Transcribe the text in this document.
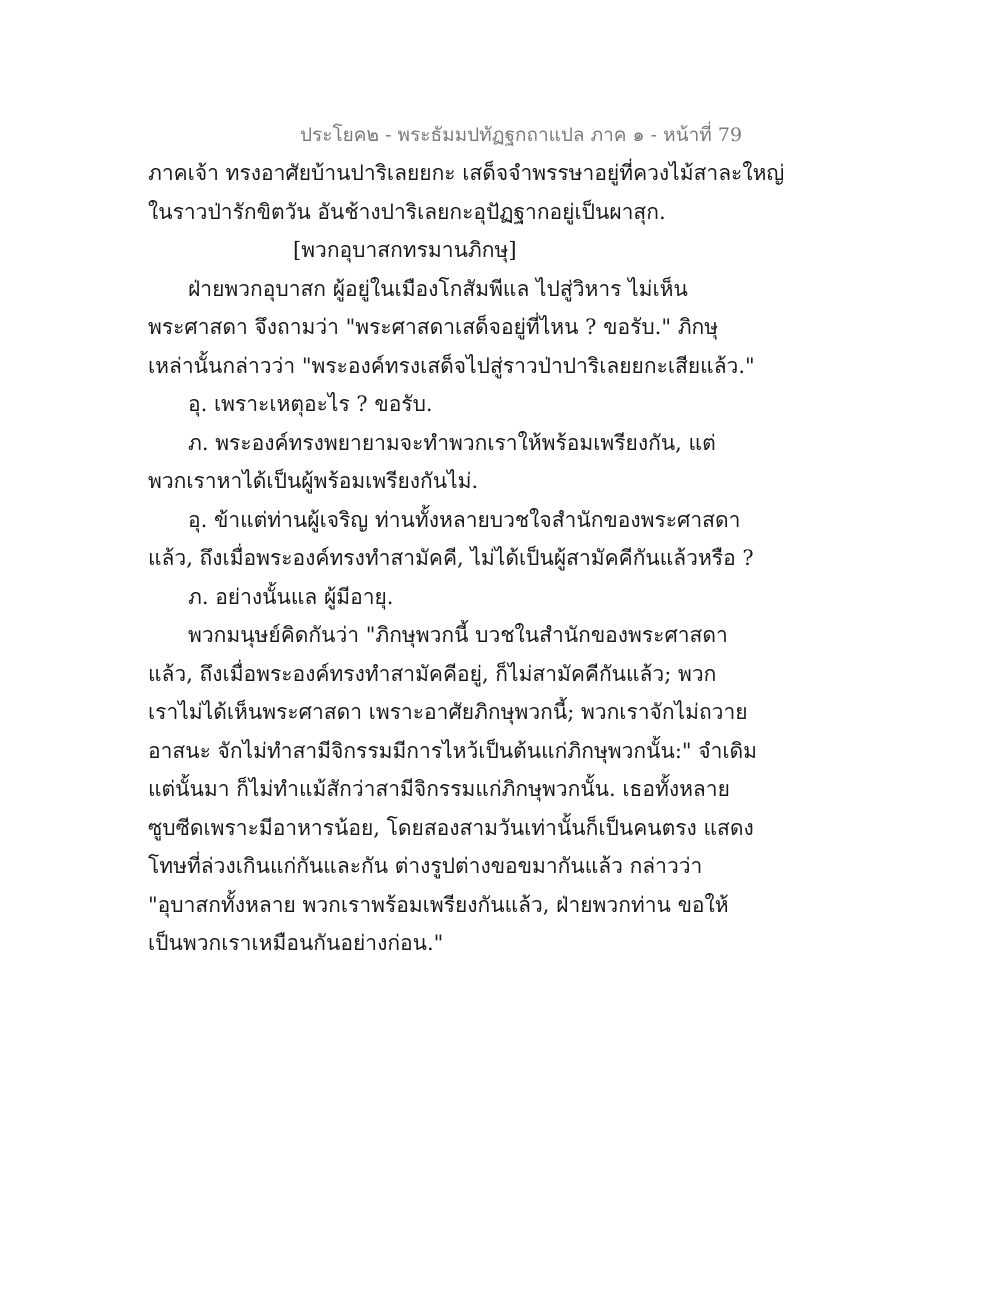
ประโยค๒ - พระธัมมปทัฏฐกถาแปล ภาค ๑ - หน้าที่ 79
ภาคเจ้า ทรงอาศัยบ้านปาริเลยยกะ เสด็จจำพรรษาอยู่ที่ควงไม้สาละใหญ่
ในราวป่ารักขิตวัน อันช้างปาริเลยกะอุปัฏฐากอยู่เป็นผาสุก.
[พวกอุบาสกทรมานภิกษุ]
ฝ่ายพวกอุบาสก ผู้อยู่ในเมืองโกสัมพีแล ไปสู่วิหาร ไม่เห็น
พระศาสดา จึงถามว่า "พระศาสดาเสด็จอยู่ที่ไหน ? ขอรับ." ภิกษุ
เหล่านั้นกล่าวว่า "พระองค์ทรงเสด็จไปสู่ราวป่าปาริเลยยกะเสียแล้ว."
อุ. เพราะเหตุอะไร ? ขอรับ.
ภ. พระองค์ทรงพยายามจะทำพวกเราให้พร้อมเพรียงกัน, แต่
พวกเราหาได้เป็นผู้พร้อมเพรียงกันไม่.
อุ. ข้าแต่ท่านผู้เจริญ ท่านทั้งหลายบวชใจสำนักของพระศาสดา
แล้ว, ถึงเมื่อพระองค์ทรงทำสามัคคี, ไม่ได้เป็นผู้สามัคคีกันแล้วหรือ ?
ภ. อย่างนั้นแล ผู้มีอายุ.
พวกมนุษย์คิดกันว่า "ภิกษุพวกนี้ บวชในสำนักของพระศาสดา
แล้ว, ถึงเมื่อพระองค์ทรงทำสามัคคีอยู่, ก็ไม่สามัคคีกันแล้ว; พวก
เราไม่ได้เห็นพระศาสดา เพราะอาศัยภิกษุพวกนี้; พวกเราจักไม่ถวาย
อาสนะ จักไม่ทำสามีจิกรรมมีการไหว้เป็นต้นแก่ภิกษุพวกนั้น:" จำเดิม
แต่นั้นมา ก็ไม่ทำแม้สักว่าสามีจิกรรมแก่ภิกษุพวกนั้น. เธอทั้งหลาย
ซูบซีดเพราะมีอาหารน้อย, โดยสองสามวันเท่านั้นก็เป็นคนตรง แสดง
โทษที่ล่วงเกินแก่กันและกัน ต่างรูปต่างขอขมากันแล้ว กล่าวว่า
"อุบาสกทั้งหลาย พวกเราพร้อมเพรียงกันแล้ว, ฝ่ายพวกท่าน ขอให้
เป็นพวกเราเหมือนกันอย่างก่อน."
